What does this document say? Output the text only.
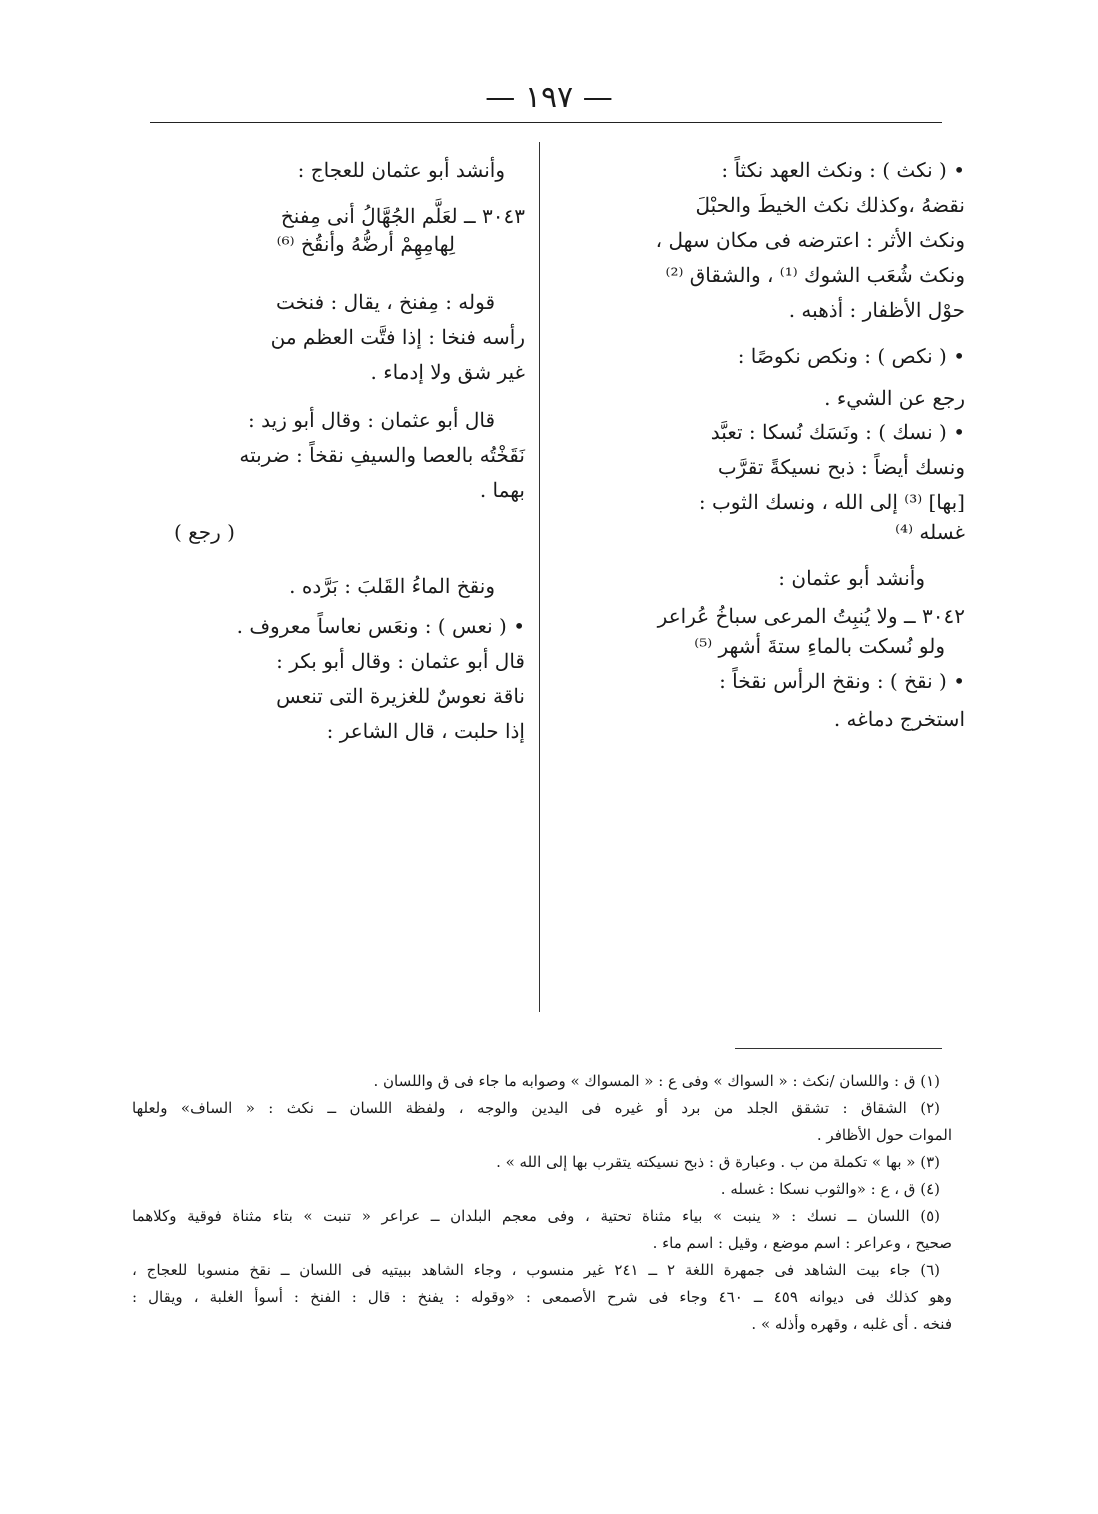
— ١٩٧ —

• ( نكث ) : ونكث العهد نكثاً :

نقضهُ ،وكذلك نكث الخيطَ والحبْلَ

ونكث الأثر : اعترضه فى مكان سهل ،

ونكث شُعَب الشوك ⁽¹⁾ ، والشقاق ⁽²⁾

حوْل الأظفار : أذهبه .

• ( نكص ) : ونكص نكوصًا :

رجع عن الشيء .

• ( نسك ) : ونَسَك نُسكا : تعبَّد

ونسك أيضاً : ذبح نسيكةً تقرَّب

[بها] ⁽³⁾ إلى الله ، ونسك الثوب :

غسله ⁽⁴⁾

وأنشد أبو عثمان :

٣٠٤٢ ــ ولا يُنبِتُ المرعى سباخُ عُراعر

ولو نُسكت بالماءِ ستةَ أشهر ⁽⁵⁾

• ( نقخ ) : ونقخ الرأس نقخاً :

استخرج دماغه .

وأنشد أبو عثمان للعجاج :

٣٠٤٣ ــ لعَلَّم الجُهَّالُ أنى مِفنخ

لِهامِهِمْ أرضُّهُ وأنقُخ ⁽⁶⁾

قوله : مِفنخ ، يقال : فنخت

رأسه فنخا : إذا فتَّت العظم من

غير شق ولا إدماء .

قال أبو عثمان : وقال أبو زيد :

نَقَخْتُه بالعصا والسيفِ نقخاً : ضربته

بهما .

( رجع )

ونقخ الماءُ القَلبَ : بَرَّده .

• ( نعس ) : ونعَس نعاساً معروف .

قال أبو عثمان : وقال أبو بكر :

ناقة نعوسٌ للغزيرة التى تنعس

إذا حلبت ، قال الشاعر :

(١) ق : واللسان /نكث : « السواك » وفى ع : « المسواك » وصوابه ما جاء فى ق واللسان .

(٢) الشقاق : تشقق الجلد من برد أو غيره فى اليدين والوجه ، ولفظة اللسان ــ نكث : « الساف» ولعلها

الموات حول الأظافر .

(٣) « بها » تكملة من ب . وعبارة ق : ذبح نسيكته يتقرب بها إلى الله » .

(٤) ق ، ع : «والثوب نسكا : غسله .

(٥) اللسان ــ نسك : « ينبت » بياء مثناة تحتية ، وفى معجم البلدان ــ عراعر « تنبت » بتاء مثناة فوقية وكلاهما

صحيح ، وعراعر : اسم موضع ، وقيل : اسم ماء .

(٦) جاء بيت الشاهد فى جمهرة اللغة ٢ ــ ٢٤١ غير منسوب ، وجاء الشاهد ببيتيه فى اللسان ــ نقخ منسوبا للعجاج ،

وهو كذلك فى ديوانه ٤٥٩ ــ ٤٦٠ وجاء فى شرح الأصمعى : «وقوله : يفنخ : قال : الفنخ : أسوأ الغلبة ، ويقال :

فنخه . أى غلبه ، وقهره وأذله » .
